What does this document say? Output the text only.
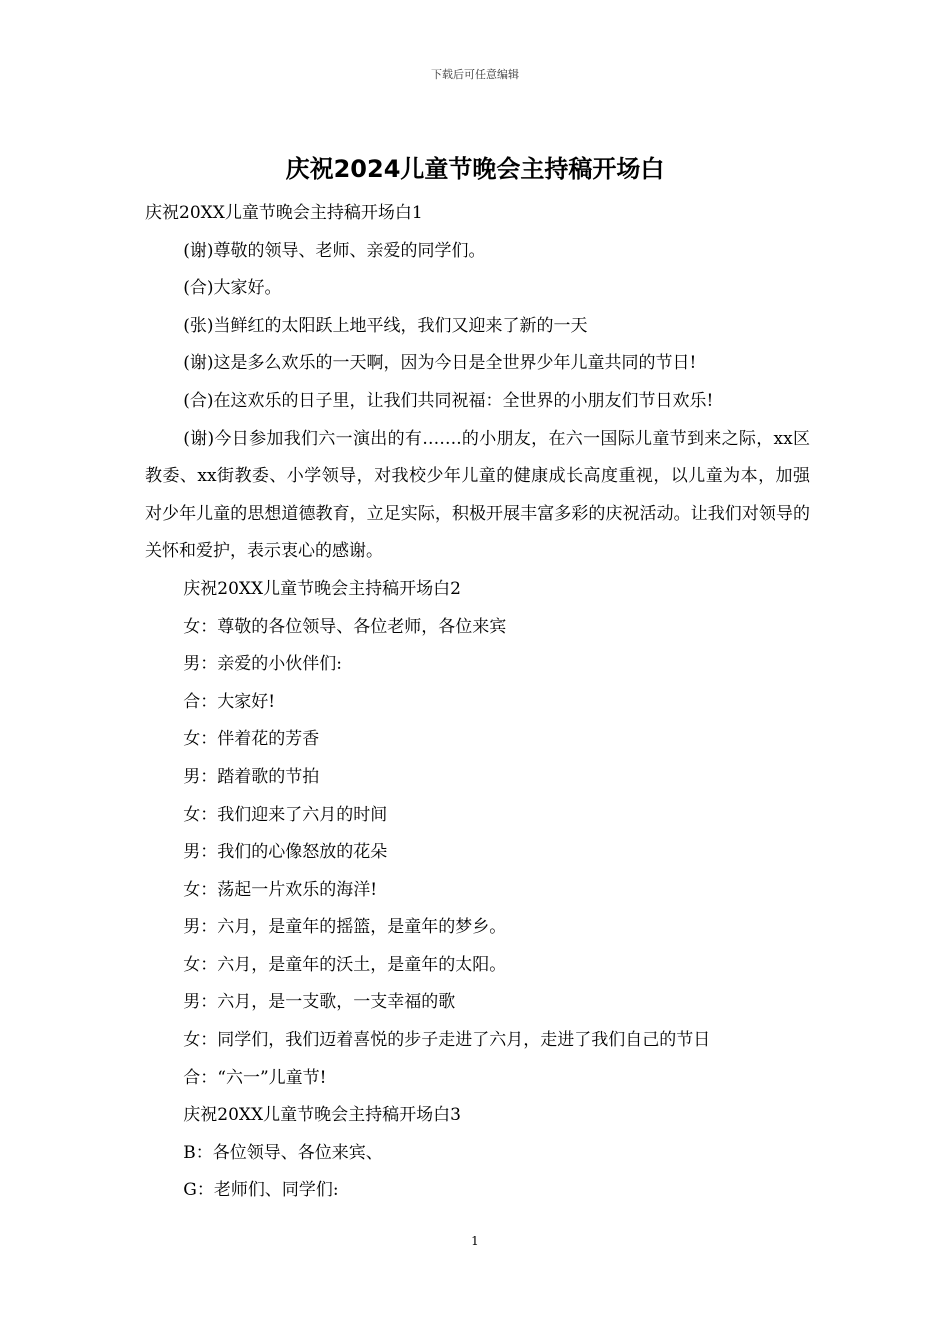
下载后可任意编辑
庆祝2024儿童节晚会主持稿开场白

庆祝20XX儿童节晚会主持稿开场白1

(谢)尊敬的领导、老师、亲爱的同学们。

(合)大家好。

(张)当鲜红的太阳跃上地平线，我们又迎来了新的一天

(谢)这是多么欢乐的一天啊，因为今日是全世界少年儿童共同的节日!

(合)在这欢乐的日子里，让我们共同祝福：全世界的小朋友们节日欢乐!

(谢)今日参加我们六一演出的有…….的小朋友，在六一国际儿童节到来之际，xx区教委、xx街教委、小学领导，对我校少年儿童的健康成长高度重视，以儿童为本，加强对少年儿童的思想道德教育，立足实际，积极开展丰富多彩的庆祝活动。让我们对领导的关怀和爱护，表示衷心的感谢。

庆祝20XX儿童节晚会主持稿开场白2

女：尊敬的各位领导、各位老师，各位来宾

男：亲爱的小伙伴们:

合：大家好!

女：伴着花的芳香

男：踏着歌的节拍

女：我们迎来了六月的时间

男：我们的心像怒放的花朵

女：荡起一片欢乐的海洋!

男：六月，是童年的摇篮，是童年的梦乡。

女：六月，是童年的沃土，是童年的太阳。

男：六月，是一支歌，一支幸福的歌

女：同学们，我们迈着喜悦的步子走进了六月，走进了我们自己的节日

合：“六一”儿童节!

庆祝20XX儿童节晚会主持稿开场白3

B：各位领导、各位来宾、

G：老师们、同学们:

1
